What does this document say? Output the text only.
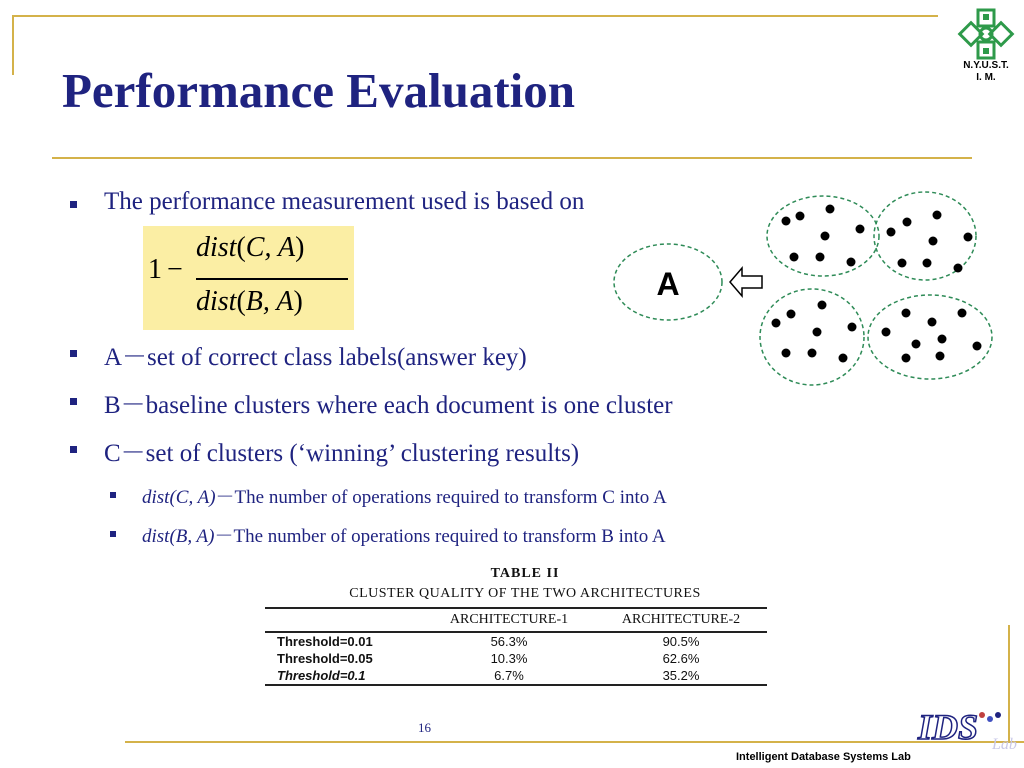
Performance Evaluation	N.Y.U.S.T.
I. M.
The performance measurement used is based on
1 −
dist(C, A)
dist(B, A)
A－set of correct class labels(answer key)
B－baseline clusters where each document is one cluster
C－set of clusters (‘winning’ clustering results)
dist(C, A)－The number of operations required to transform C into A
dist(B, A)－The number of operations required to transform B into A
A
TABLE II
CLUSTER QUALITY OF THE TWO ARCHITECTURES
	ARCHITECTURE-1	ARCHITECTURE-2
Threshold=0.01	56.3%	90.5%
Threshold=0.05	10.3%	62.6%
Threshold=0.1	6.7%	35.2%
16	IDS Lab
Intelligent Database Systems Lab
